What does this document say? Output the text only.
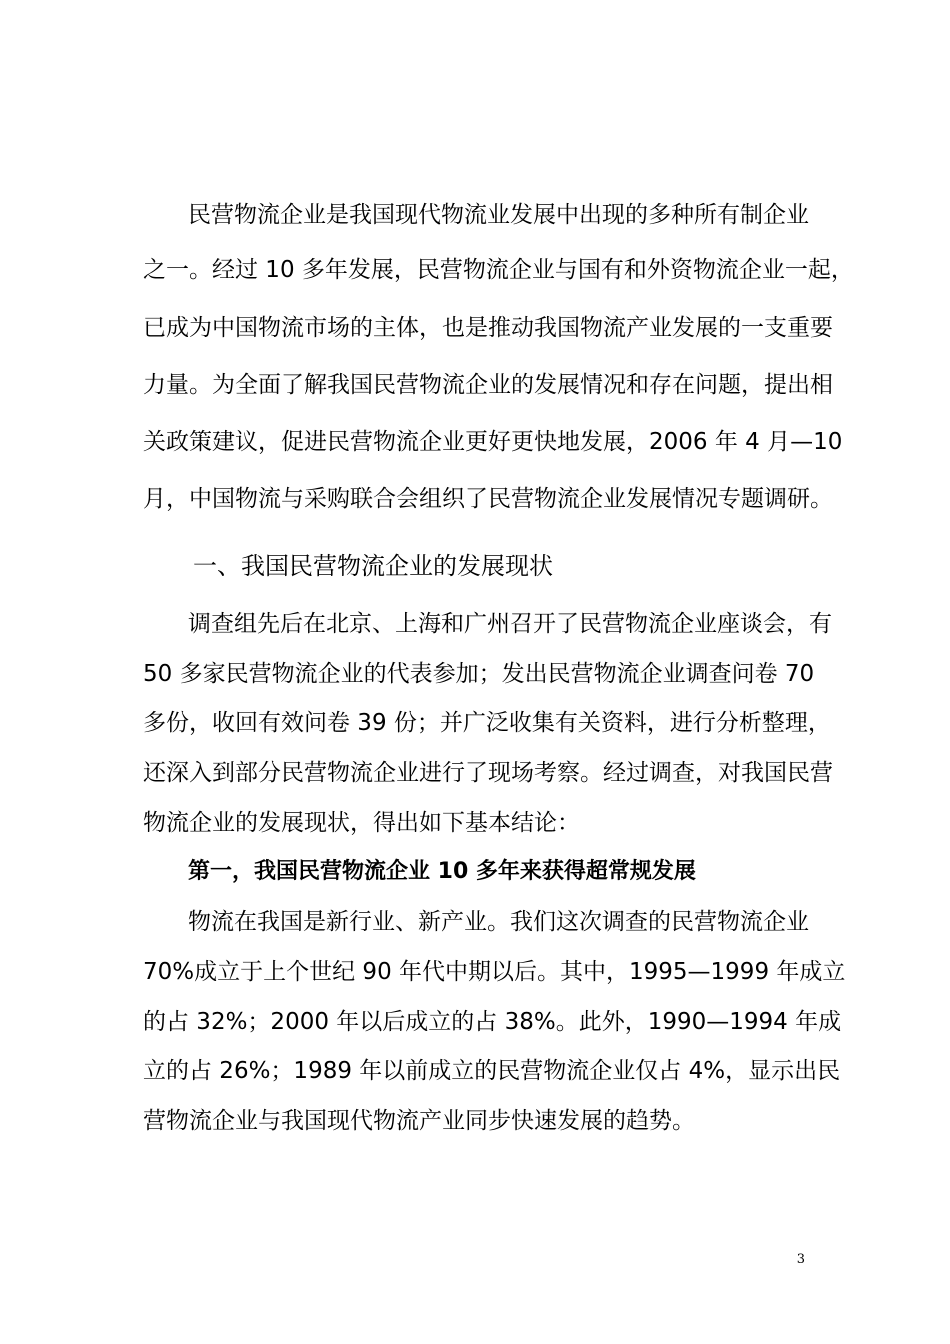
民营物流企业是我国现代物流业发展中出现的多种所有制企业
之一。经过 10 多年发展，民营物流企业与国有和外资物流企业一起，
已成为中国物流市场的主体，也是推动我国物流产业发展的一支重要
力量。为全面了解我国民营物流企业的发展情况和存在问题，提出相
关政策建议，促进民营物流企业更好更快地发展，2006 年 4 月—10
月，中国物流与采购联合会组织了民营物流企业发展情况专题调研。
一、我国民营物流企业的发展现状
调查组先后在北京、上海和广州召开了民营物流企业座谈会，有
50 多家民营物流企业的代表参加；发出民营物流企业调查问卷 70
多份，收回有效问卷 39 份；并广泛收集有关资料，进行分析整理，
还深入到部分民营物流企业进行了现场考察。经过调查，对我国民营
物流企业的发展现状，得出如下基本结论：
第一，我国民营物流企业 10 多年来获得超常规发展
物流在我国是新行业、新产业。我们这次调查的民营物流企业
70%成立于上个世纪 90 年代中期以后。其中，1995—1999 年成立
的占 32%；2000 年以后成立的占 38%。此外，1990—1994 年成
立的占 26%；1989 年以前成立的民营物流企业仅占 4%，显示出民
营物流企业与我国现代物流产业同步快速发展的趋势。
3
